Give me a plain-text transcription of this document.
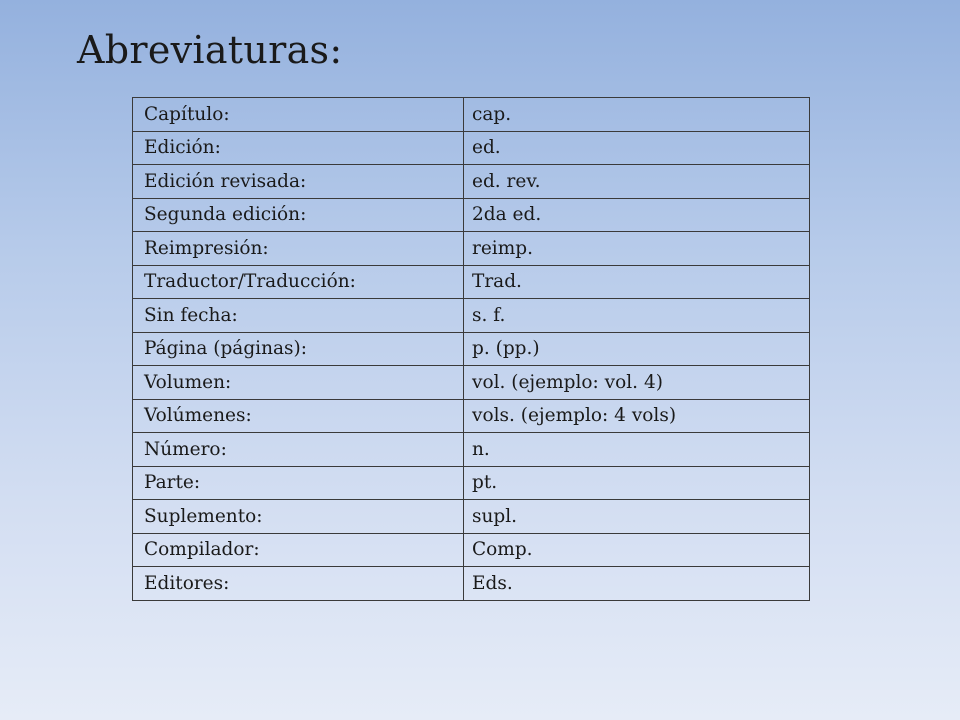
Abreviaturas:
Capítulo:	cap.
Edición:	ed.
Edición revisada:	ed. rev.
Segunda edición:	2da ed.
Reimpresión:	reimp.
Traductor/Traducción:	Trad.
Sin fecha:	s. f.
Página (páginas):	p. (pp.)
Volumen:	vol. (ejemplo: vol. 4)
Volúmenes:	vols. (ejemplo: 4 vols)
Número:	n.
Parte:	pt.
Suplemento:	supl.
Compilador:	Comp.
Editores:	Eds.
